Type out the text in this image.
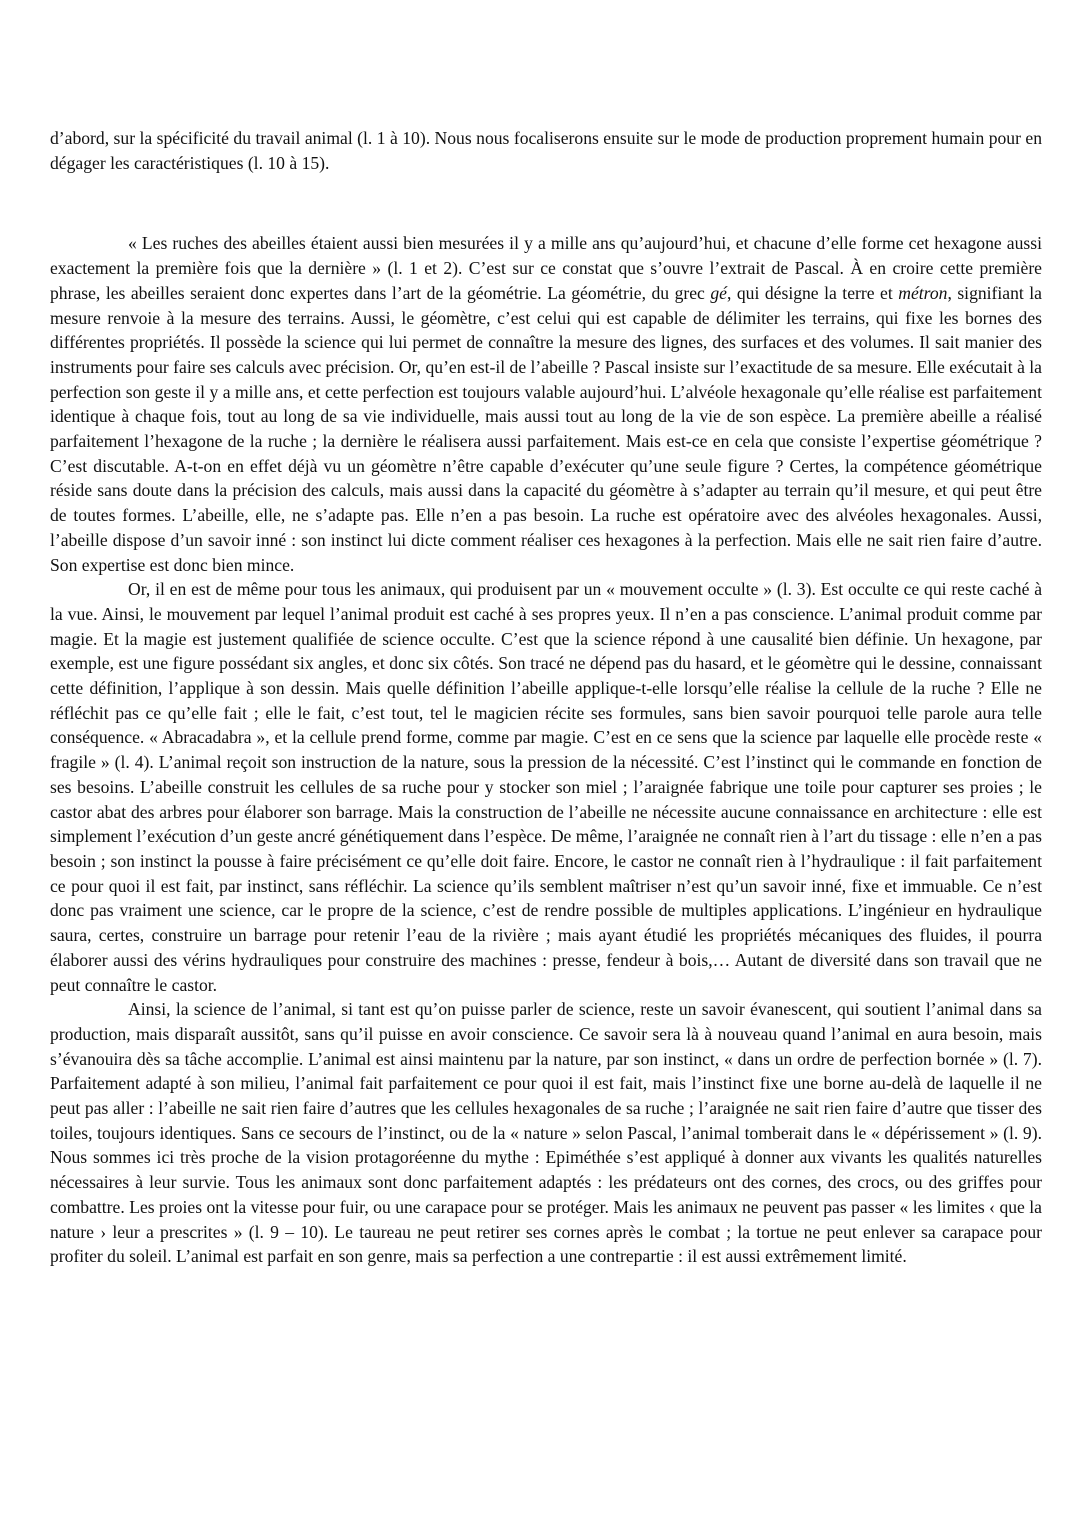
d’abord, sur la spécificité du travail animal (l. 1 à 10). Nous nous focaliserons ensuite sur le mode de production proprement humain pour en dégager les caractéristiques (l. 10 à 15).

« Les ruches des abeilles étaient aussi bien mesurées il y a mille ans qu’aujourd’hui, et chacune d’elle forme cet hexagone aussi exactement la première fois que la dernière » (l. 1 et 2). C’est sur ce constat que s’ouvre l’extrait de Pascal. À en croire cette première phrase, les abeilles seraient donc expertes dans l’art de la géométrie. La géométrie, du grec gé, qui désigne la terre et métron, signifiant la mesure renvoie à la mesure des terrains. Aussi, le géomètre, c’est celui qui est capable de délimiter les terrains, qui fixe les bornes des différentes propriétés. Il possède la science qui lui permet de connaître la mesure des lignes, des surfaces et des volumes. Il sait manier des instruments pour faire ses calculs avec précision. Or, qu’en est-il de l’abeille ? Pascal insiste sur l’exactitude de sa mesure. Elle exécutait à la perfection son geste il y a mille ans, et cette perfection est toujours valable aujourd’hui. L’alvéole hexagonale qu’elle réalise est parfaitement identique à chaque fois, tout au long de sa vie individuelle, mais aussi tout au long de la vie de son espèce. La première abeille a réalisé parfaitement l’hexagone de la ruche ; la dernière le réalisera aussi parfaitement. Mais est-ce en cela que consiste l’expertise géométrique ? C’est discutable. A-t-on en effet déjà vu un géomètre n’être capable d’exécuter qu’une seule figure ? Certes, la compétence géométrique réside sans doute dans la précision des calculs, mais aussi dans la capacité du géomètre à s’adapter au terrain qu’il mesure, et qui peut être de toutes formes. L’abeille, elle, ne s’adapte pas. Elle n’en a pas besoin. La ruche est opératoire avec des alvéoles hexagonales. Aussi, l’abeille dispose d’un savoir inné : son instinct lui dicte comment réaliser ces hexagones à la perfection. Mais elle ne sait rien faire d’autre. Son expertise est donc bien mince.

Or, il en est de même pour tous les animaux, qui produisent par un « mouvement occulte » (l. 3). Est occulte ce qui reste caché à la vue. Ainsi, le mouvement par lequel l’animal produit est caché à ses propres yeux. Il n’en a pas conscience. L’animal produit comme par magie. Et la magie est justement qualifiée de science occulte. C’est que la science répond à une causalité bien définie. Un hexagone, par exemple, est une figure possédant six angles, et donc six côtés. Son tracé ne dépend pas du hasard, et le géomètre qui le dessine, connaissant cette définition, l’applique à son dessin. Mais quelle définition l’abeille applique-t-elle lorsqu’elle réalise la cellule de la ruche ? Elle ne réfléchit pas ce qu’elle fait ; elle le fait, c’est tout, tel le magicien récite ses formules, sans bien savoir pourquoi telle parole aura telle conséquence. « Abracadabra », et la cellule prend forme, comme par magie. C’est en ce sens que la science par laquelle elle procède reste « fragile » (l. 4). L’animal reçoit son instruction de la nature, sous la pression de la nécessité. C’est l’instinct qui le commande en fonction de ses besoins. L’abeille construit les cellules de sa ruche pour y stocker son miel ; l’araignée fabrique une toile pour capturer ses proies ; le castor abat des arbres pour élaborer son barrage. Mais la construction de l’abeille ne nécessite aucune connaissance en architecture : elle est simplement l’exécution d’un geste ancré génétiquement dans l’espèce. De même, l’araignée ne connaît rien à l’art du tissage : elle n’en a pas besoin ; son instinct la pousse à faire précisément ce qu’elle doit faire. Encore, le castor ne connaît rien à l’hydraulique : il fait parfaitement ce pour quoi il est fait, par instinct, sans réfléchir. La science qu’ils semblent maîtriser n’est qu’un savoir inné, fixe et immuable. Ce n’est donc pas vraiment une science, car le propre de la science, c’est de rendre possible de multiples applications. L’ingénieur en hydraulique saura, certes, construire un barrage pour retenir l’eau de la rivière ; mais ayant étudié les propriétés mécaniques des fluides, il pourra élaborer aussi des vérins hydrauliques pour construire des machines : presse, fendeur à bois,… Autant de diversité dans son travail que ne peut connaître le castor.

Ainsi, la science de l’animal, si tant est qu’on puisse parler de science, reste un savoir évanescent, qui soutient l’animal dans sa production, mais disparaît aussitôt, sans qu’il puisse en avoir conscience. Ce savoir sera là à nouveau quand l’animal en aura besoin, mais s’évanouira dès sa tâche accomplie. L’animal est ainsi maintenu par la nature, par son instinct, « dans un ordre de perfection bornée » (l. 7). Parfaitement adapté à son milieu, l’animal fait parfaitement ce pour quoi il est fait, mais l’instinct fixe une borne au-delà de laquelle il ne peut pas aller : l’abeille ne sait rien faire d’autres que les cellules hexagonales de sa ruche ; l’araignée ne sait rien faire d’autre que tisser des toiles, toujours identiques. Sans ce secours de l’instinct, ou de la « nature » selon Pascal, l’animal tomberait dans le « dépérissement » (l. 9). Nous sommes ici très proche de la vision protagoréenne du mythe : Epiméthée s’est appliqué à donner aux vivants les qualités naturelles nécessaires à leur survie. Tous les animaux sont donc parfaitement adaptés : les prédateurs ont des cornes, des crocs, ou des griffes pour combattre. Les proies ont la vitesse pour fuir, ou une carapace pour se protéger. Mais les animaux ne peuvent pas passer « les limites ‹ que la nature › leur a prescrites » (l. 9 – 10). Le taureau ne peut retirer ses cornes après le combat ; la tortue ne peut enlever sa carapace pour profiter du soleil. L’animal est parfait en son genre, mais sa perfection a une contrepartie : il est aussi extrêmement limité.
